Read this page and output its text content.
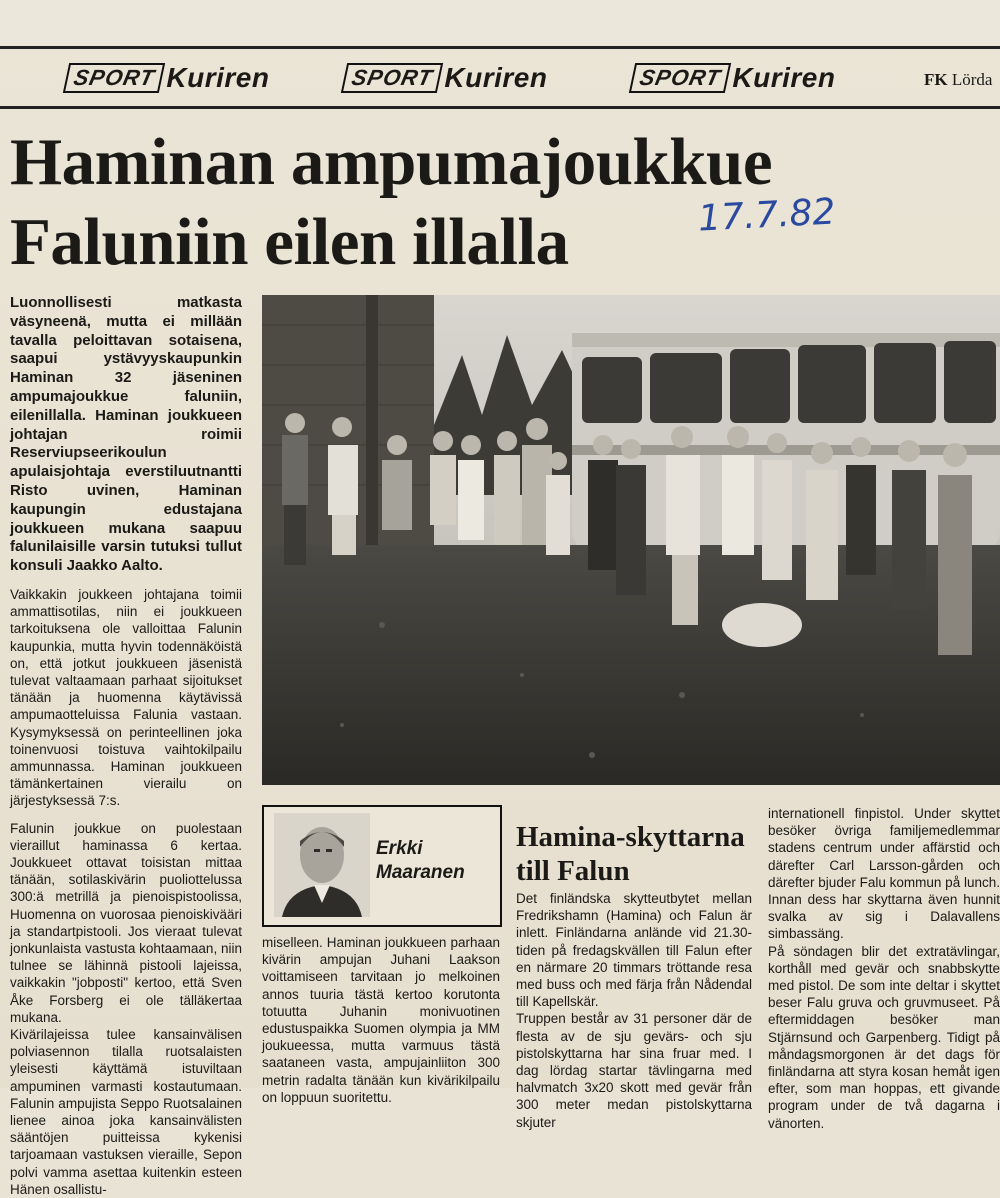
SPORT Kuriren	SPORT Kuriren	SPORT Kuriren	FK Lörda
Haminan ampumajoukkue
Faluniin eilen illalla	17.7.82

Luonnollisesti matkasta väsyneenä, mutta ei millään tavalla peloittavan sotaisena, saapui ystävyyskaupunkin Haminan 32 jäseninen ampumajoukkue faluniin, eilenillalla. Haminan joukkueen johtajan roimii Reserviupseerikoulun apulaisjohtaja everstiluutnantti Risto uvinen, Haminan kaupungin edustajana joukkueen mukana saapuu falunilaisille varsin tutuksi tullut konsuli Jaakko Aalto.

Vaikkakin joukkeen johtajana toimii ammattisotilas, niin ei joukkueen tarkoituksena ole valloittaa Falunin kaupunkia, mutta hyvin todennäköistä on, että jotkut joukkueen jäsenistä tulevat valtaamaan parhaat sijoitukset tänään ja huomenna käytävissä ampumaotteluissa Falunia vastaan. Kysymyksessä on perinteellinen joka toinenvuosi toistuva vaihtokilpailu ammunnassa. Haminan joukkueen tämänkertainen vierailu on järjestyksessä 7:s.

Falunin joukkue on puolestaan vieraillut haminassa 6 kertaa. Joukkueet ottavat toisistan mittaa tänään, sotilaskivärin puoliottelussa 300:ä metrillä ja pienoispistoolissa, Huomenna on vuorosaa pienoiskivääri ja standartpistooli. Jos vieraat tulevat jonkunlaista vastusta kohtaamaan, niin tulnee se lähinnä pistooli lajeissa, vaikkakin "jobposti" kertoo, että Sven Åke Forsberg ei ole tälläkertaa mukana.

Kivärilajeissa tulee kansainvälisen polviasennon tilalla ruotsalaisten yleisesti käyttämä istuviltaan ampuminen varmasti kostautumaan. Falunin ampujista Seppo Ruotsalainen lienee ainoa joka kansainvälisten sääntöjen puitteissa kykenisi tarjoamaan vastuksen vieraille, Sepon polvi vamma asettaa kuitenkin esteen Hänen osallistu-

Erkki
Maaranen
miselleen. Haminan joukkueen parhaan kivärin ampujan Juhani Laakson voittamiseen tarvitaan jo melkoinen annos tuuria tästä kertoo korutonta totuutta Juhanin monivuotinen edustuspaikka Suomen olympia ja MM joukueessa, mutta varmuus tästä saataneen vasta, ampujainliiton 300 metrin radalta tänään kun kivärikilpailu on loppuun suoritettu.
Hamina-skyttarna
till Falun

Det finländska skytteutbytet mellan Fredrikshamn (Hamina) och Falun är inlett. Finländarna anlände vid 21.30-tiden på fredagskvällen till Falun efter en närmare 20 timmars tröttande resa med buss och med färja från Nådendal till Kapellskär.

Truppen består av 31 personer där de flesta av de sju gevärs- och sju pistolskyttarna har sina fruar med. I dag lördag startar tävlingarna med halvmatch 3x20 skott med gevär från 300 meter medan pistolskyttarna skjuter

internationell finpistol. Under skyttet besöker övriga familjemedlemmar stadens centrum under affärstid och därefter Carl Larsson-gården och därefter bjuder Falu kommun på lunch. Innan dess har skyttarna även hunnit svalka av sig i Dalavallens simbassäng.

På söndagen blir det extratävlingar, korthåll med gevär och snabbskytte med pistol. De som inte deltar i skyttet beser Falu gruva och gruvmuseet. På eftermiddagen besöker man Stjärnsund och Garpenberg. Tidigt på måndagsmorgonen är det dags för finländarna att styra kosan hemåt igen efter, som man hoppas, ett givande program under de två dagarna i vänorten.
